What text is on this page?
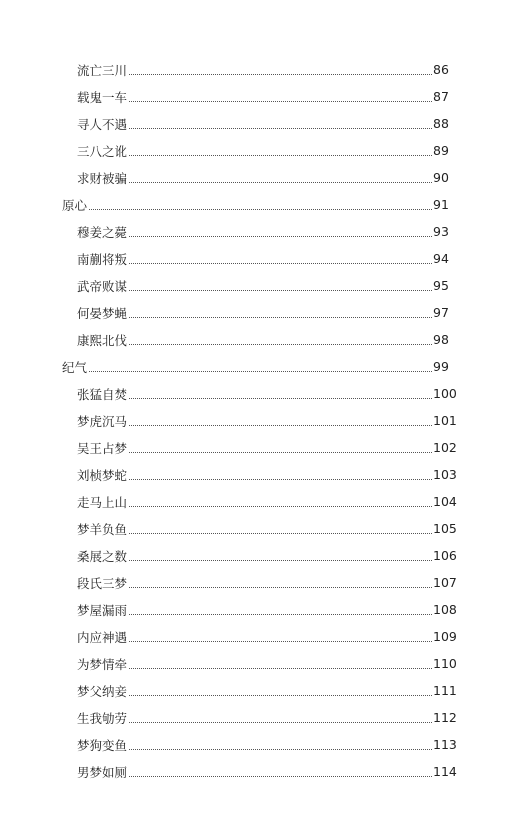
流亡三川	86
载鬼一车	87
寻人不遇	88
三八之讹	89
求财被骗	90
原心	91
穆姜之薨	93
南蒯将叛	94
武帝败谋	95
何晏梦蝇	97
康熙北伐	98
纪气	99
张猛自焚	100
梦虎沉马	101
吴王占梦	102
刘桢梦蛇	103
走马上山	104
梦羊负鱼	105
桑展之数	106
段氏三梦	107
梦屋漏雨	108
内应神遇	109
为梦情牵	110
梦父纳妾	111
生我劬劳	112
梦狗变鱼	113
男梦如厕	114
